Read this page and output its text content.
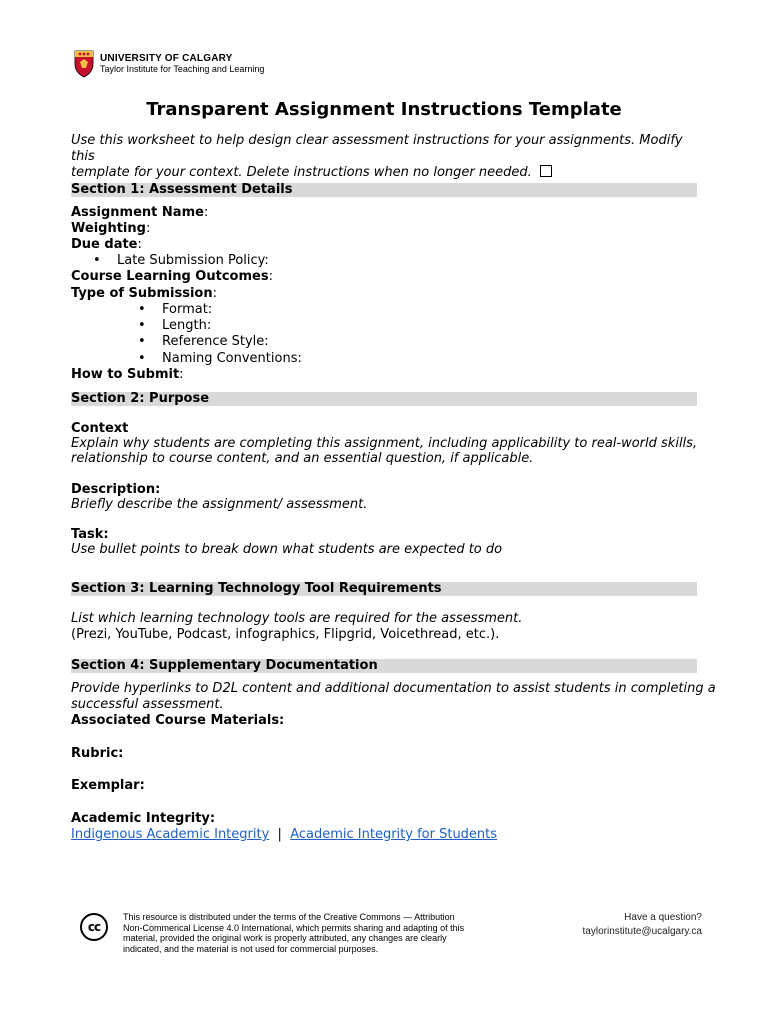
UNIVERSITY OF CALGARY
Taylor Institute for Teaching and Learning
Transparent Assignment Instructions Template
Use this worksheet to help design clear assessment instructions for your assignments. Modify this
template for your context. Delete instructions when no longer needed.
Section 1: Assessment Details
Assignment Name:
Weighting:
Due date:
• Late Submission Policy:
Course Learning Outcomes:
Type of Submission:
• Format:
• Length:
• Reference Style:
• Naming Conventions:
How to Submit:
Section 2: Purpose
Context
Explain why students are completing this assignment, including applicability to real-world skills,
relationship to course content, and an essential question, if applicable.
Description:
Briefly describe the assignment/ assessment.
Task:
Use bullet points to break down what students are expected to do
Section 3: Learning Technology Tool Requirements
List which learning technology tools are required for the assessment.
(Prezi, YouTube, Podcast, infographics, Flipgrid, Voicethread, etc.).
Section 4: Supplementary Documentation
Provide hyperlinks to D2L content and additional documentation to assist students in completing a
successful assessment.
Associated Course Materials:
Rubric:
Exemplar:
Academic Integrity:
Indigenous Academic Integrity | Academic Integrity for Students
cc
This resource is distributed under the terms of the Creative Commons — Attribution
Non-Commerical License 4.0 International, which permits sharing and adapting of this
material, provided the original work is properly attributed, any changes are clearly
indicated, and the material is not used for commercial purposes.
Have a question?
taylorinstitute@ucalgary.ca
